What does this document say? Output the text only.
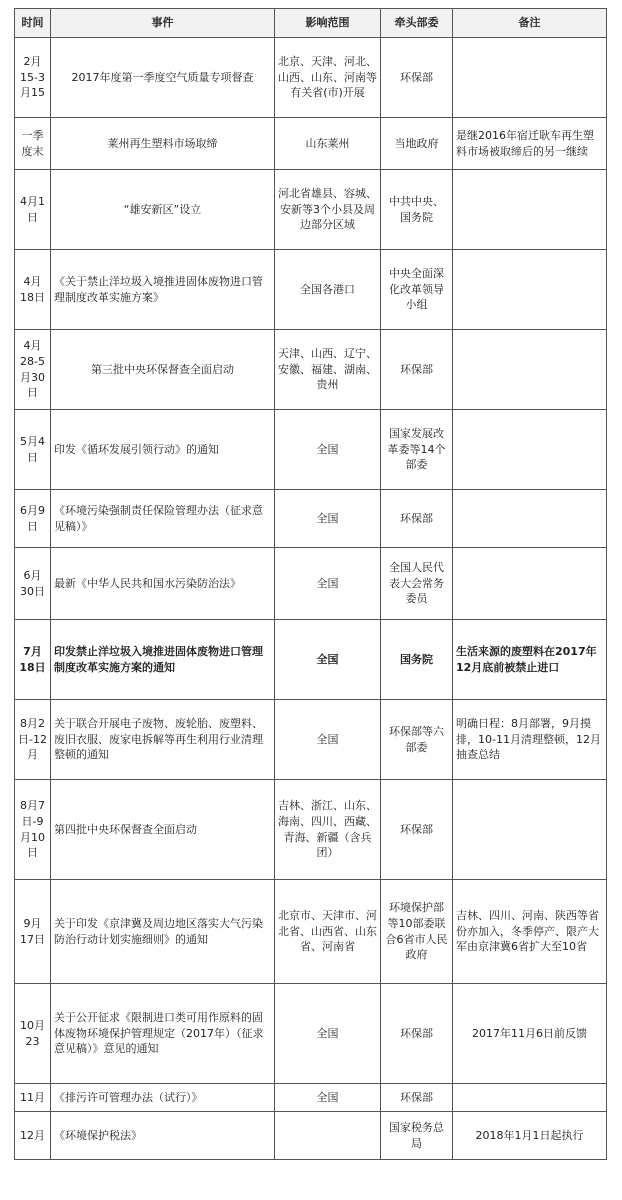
时间	事件	影响范围	牵头部委	备注
2月15-3月15	2017年度第一季度空气质量专项督查	北京、天津、河北、山西、山东、河南等有关省(市)开展	环保部	
一季度末	莱州再生塑料市场取缔	山东莱州	当地政府	是继2016年宿迁耿车再生塑料市场被取缔后的另一继续
4月1日	“雄安新区”设立	河北省雄县、容城、安新等3个小县及周边部分区域	中共中央、国务院	
4月18日	《关于禁止洋垃圾入境推进固体废物进口管理制度改革实施方案》	全国各港口	中央全面深化改革领导小组	
4月28-5月30日	第三批中央环保督查全面启动	天津、山西、辽宁、安徽、福建、湖南、贵州	环保部	
5月4日	印发《循环发展引领行动》的通知	全国	国家发展改革委等14个部委	
6月9日	《环境污染强制责任保险管理办法（征求意见稿）》	全国	环保部	
6月30日	最新《中华人民共和国水污染防治法》	全国	全国人民代表大会常务委员	
7月18日	印发禁止洋垃圾入境推进固体废物进口管理制度改革实施方案的通知	全国	国务院	生活来源的废塑料在2017年12月底前被禁止进口
8月2日-12月	关于联合开展电子废物、废轮胎、废塑料、废旧衣服、废家电拆解等再生利用行业清理整顿的通知	全国	环保部等六部委	明确日程：8月部署，9月摸排，10-11月清理整顿，12月抽查总结
8月7日-9月10日	第四批中央环保督查全面启动	吉林、浙江、山东、海南、四川、西藏、青海、新疆（含兵团）	环保部	
9月17日	关于印发《京津冀及周边地区落实大气污染防治行动计划实施细则》的通知	北京市、天津市、河北省、山西省、山东省、河南省	环境保护部等10部委联合6省市人民政府	吉林、四川、河南、陕西等省份亦加入，冬季停产、限产大军由京津冀6省扩大至10省
10月23	关于公开征求《限制进口类可用作原料的固体废物环境保护管理规定（2017年）（征求意见稿）》意见的通知	全国	环保部	2017年11月6日前反馈
11月	《排污许可管理办法（试行）》	全国	环保部	
12月	《环境保护税法》		国家税务总局	2018年1月1日起执行
